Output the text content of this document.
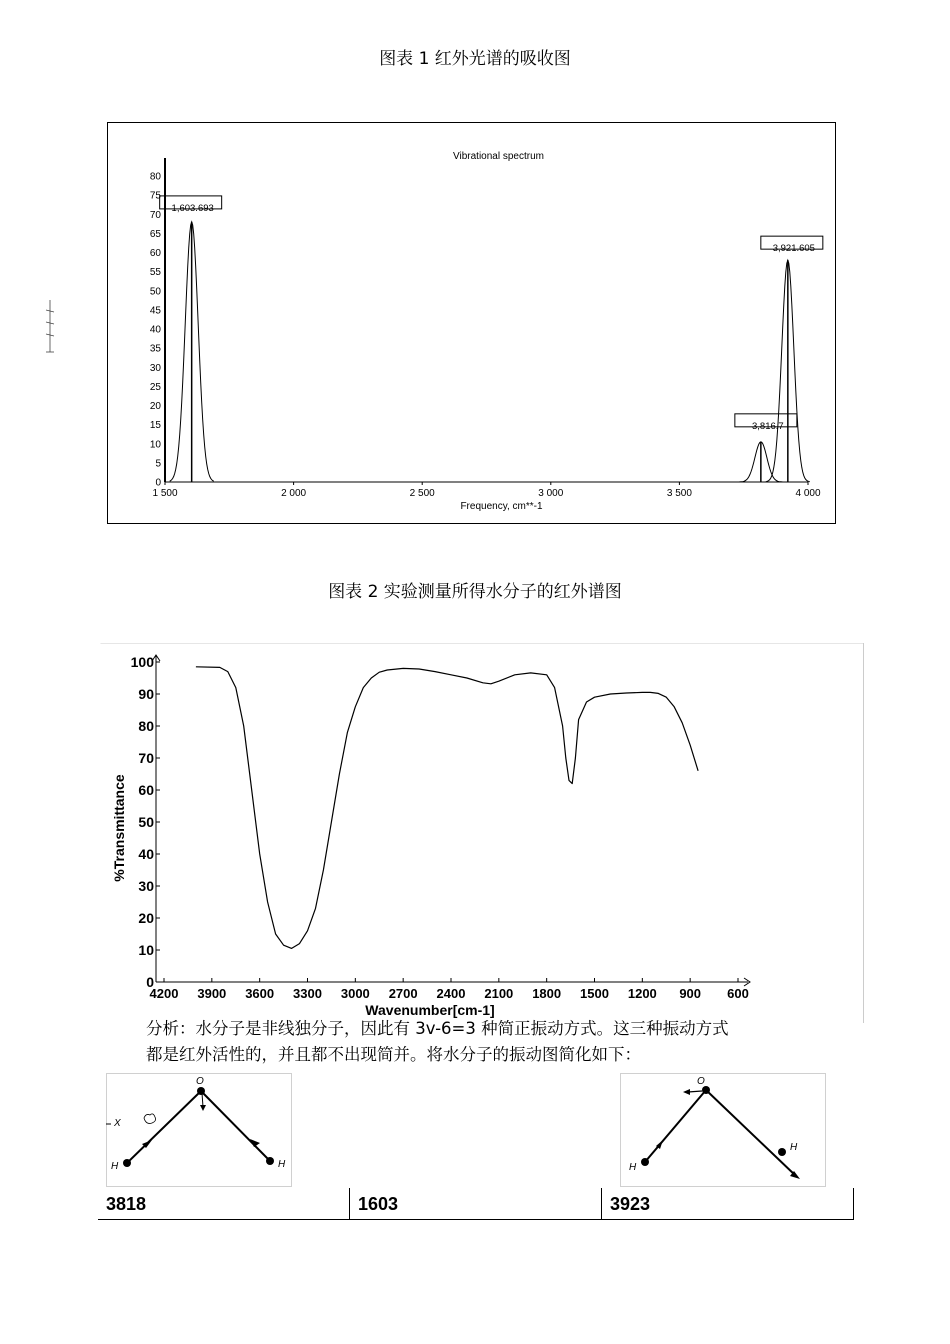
图表 1 红外光谱的吸收图
Vibrational spectrum
0
5
10
15
20
25
30
35
40
45
50
55
60
65
70
75
80
1 500	2 000	2 500	3 000	3 500	4 000
Frequency, cm**-1
1,603.693
3,816.7
3,921.605
图表 2 实验测量所得水分子的红外谱图
0
10
20
30
40
50
60
70
80
90
100
4200 3900 3600 3300 3000 2700 2400 2100 1800 1500 1200 900 600
Wavenumber[cm-1]
%Transmittance
分析：水分子是非线独分子，因此有 3v-6=3 种简正振动方式。这三种振动方式
都是红外活性的，并且都不出现简并。将水分子的振动图简化如下：
O
H	H
X
O
H
H
3818	1603	3923
